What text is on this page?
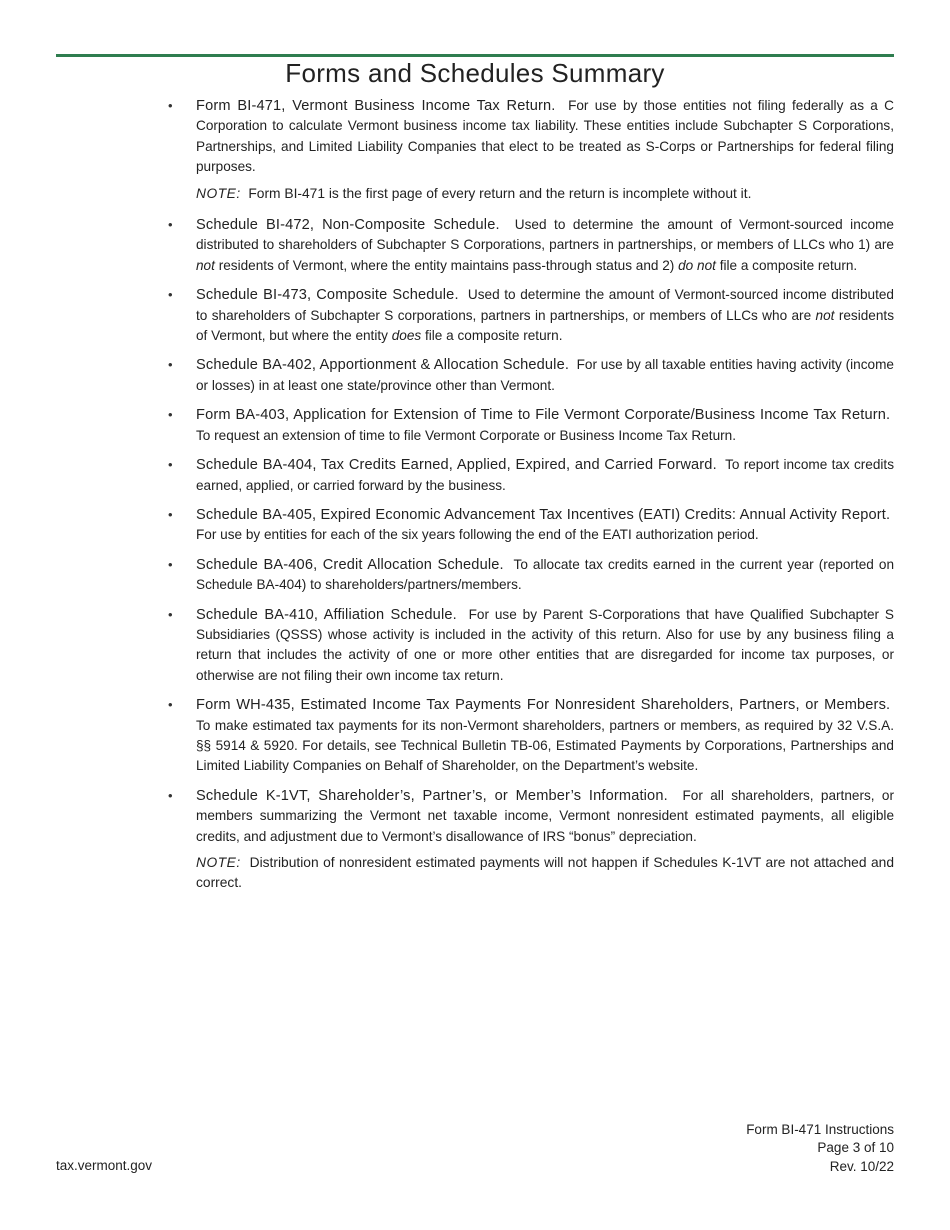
Forms and Schedules Summary
•	Form BI-471, Vermont Business Income Tax Return. For use by those entities not filing federally as a C Corporation to calculate Vermont business income tax liability. These entities include Subchapter S Corporations, Partnerships, and Limited Liability Companies that elect to be treated as S-Corps or Partnerships for federal filing purposes.
NOTE: Form BI-471 is the first page of every return and the return is incomplete without it.
•	Schedule BI-472, Non-Composite Schedule. Used to determine the amount of Vermont-sourced income distributed to shareholders of Subchapter S Corporations, partners in partnerships, or members of LLCs who 1) are not residents of Vermont, where the entity maintains pass-through status and 2) do not file a composite return.
•	Schedule BI-473, Composite Schedule. Used to determine the amount of Vermont-sourced income distributed to shareholders of Subchapter S corporations, partners in partnerships, or members of LLCs who are not residents of Vermont, but where the entity does file a composite return.
•	Schedule BA-402, Apportionment & Allocation Schedule. For use by all taxable entities having activity (income or losses) in at least one state/province other than Vermont.
•	Form BA-403, Application for Extension of Time to File Vermont Corporate/Business Income Tax Return.  To request an extension of time to file Vermont Corporate or Business Income Tax Return.
•	Schedule BA-404, Tax Credits Earned, Applied, Expired, and Carried Forward. To report income tax credits earned, applied, or carried forward by the business.
•	Schedule BA-405, Expired Economic Advancement Tax Incentives (EATI) Credits: Annual Activity Report.  For use by entities for each of the six years following the end of the EATI authorization period.
•	Schedule BA-406, Credit Allocation Schedule. To allocate tax credits earned in the current year (reported on Schedule BA-404) to shareholders/partners/members.
•	Schedule BA-410, Affiliation Schedule. For use by Parent S-Corporations that have Qualified Subchapter S Subsidiaries (QSSS) whose activity is included in the activity of this return. Also for use by any business filing a return that includes the activity of one or more other entities that are disregarded for income tax purposes, or otherwise are not filing their own income tax return.
•	Form WH-435, Estimated Income Tax Payments For Nonresident Shareholders, Partners, or Members.  To make estimated tax payments for its non-Vermont shareholders, partners or members, as required by 32 V.S.A. §§ 5914 & 5920. For details, see Technical Bulletin TB-06, Estimated Payments by Corporations, Partnerships and Limited Liability Companies on Behalf of Shareholder, on the Department’s website.
•	Schedule K-1VT, Shareholder’s, Partner’s, or Member’s Information. For all shareholders, partners, or members summarizing the Vermont net taxable income, Vermont nonresident estimated payments, all eligible credits, and adjustment due to Vermont’s disallowance of IRS “bonus” depreciation.
NOTE: Distribution of nonresident estimated payments will not happen if Schedules K-1VT are not attached and correct.
Form BI-471 Instructions
Page 3 of 10
Rev. 10/22
tax.vermont.gov
